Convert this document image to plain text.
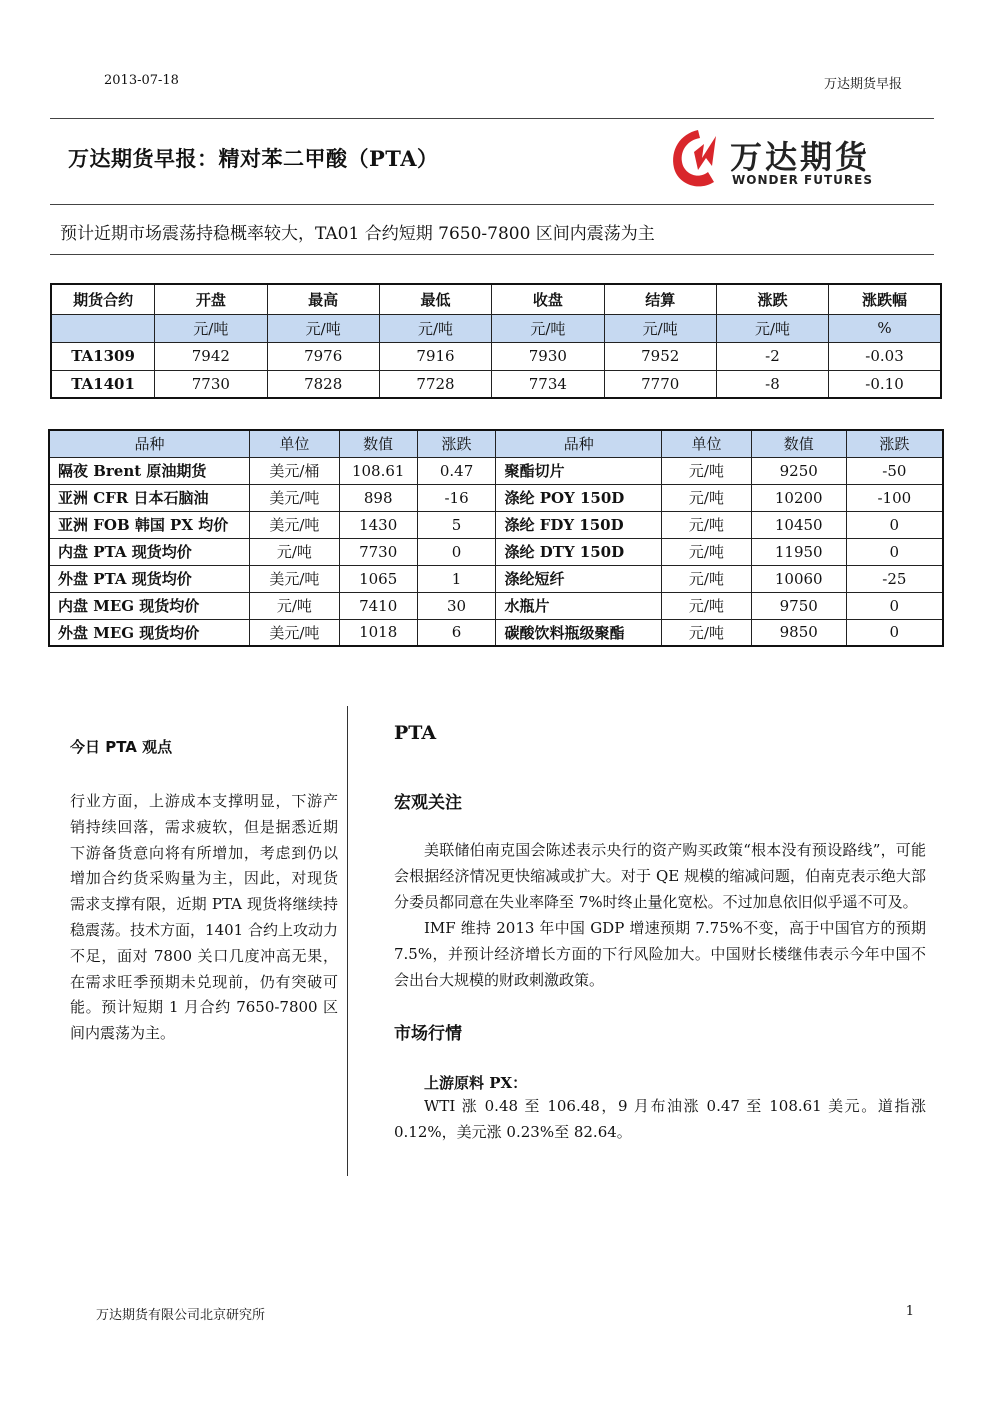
2013-07-18	万达期货早报
万达期货早报：精对苯二甲酸（PTA）	万达期货
WONDER FUTURES
预计近期市场震荡持稳概率较大，TA01 合约短期 7650-7800 区间内震荡为主
期货合约	开盘	最高	最低	收盘	结算	涨跌	涨跌幅
	元/吨	元/吨	元/吨	元/吨	元/吨	元/吨	%
TA1309	7942	7976	7916	7930	7952	-2	-0.03
TA1401	7730	7828	7728	7734	7770	-8	-0.10
品种	单位	数值	涨跌	品种	单位	数值	涨跌
隔夜 Brent 原油期货	美元/桶	108.61	0.47	聚酯切片	元/吨	9250	-50
亚洲 CFR 日本石脑油	美元/吨	898	-16	涤纶 POY 150D	元/吨	10200	-100
亚洲 FOB 韩国 PX 均价	美元/吨	1430	5	涤纶 FDY 150D	元/吨	10450	0
内盘 PTA 现货均价	元/吨	7730	0	涤纶 DTY 150D	元/吨	11950	0
外盘 PTA 现货均价	美元/吨	1065	1	涤纶短纤	元/吨	10060	-25
内盘 MEG 现货均价	元/吨	7410	30	水瓶片	元/吨	9750	0
外盘 MEG 现货均价	美元/吨	1018	6	碳酸饮料瓶级聚酯	元/吨	9850	0
今日 PTA 观点
行业方面，上游成本支撑明显，下游产销持续回落，需求疲软，但是据悉近期下游备货意向将有所增加，考虑到仍以增加合约货采购量为主，因此，对现货需求支撑有限，近期 PTA 现货将继续持稳震荡。技术方面，1401 合约上攻动力不足，面对 7800 关口几度冲高无果，在需求旺季预期未兑现前，仍有突破可能。预计短期 1 月合约 7650-7800 区间内震荡为主。
PTA
宏观关注
美联储伯南克国会陈述表示央行的资产购买政策“根本没有预设路线”，可能会根据经济情况更快缩减或扩大。对于 QE 规模的缩减问题，伯南克表示绝大部分委员都同意在失业率降至 7%时终止量化宽松。不过加息依旧似乎遥不可及。
IMF 维持 2013 年中国 GDP 增速预期 7.75%不变，高于中国官方的预期 7.5%，并预计经济增长方面的下行风险加大。中国财长楼继伟表示今年中国不会出台大规模的财政刺激政策。
市场行情
上游原料 PX：
WTI 涨 0.48 至 106.48，9 月布油涨 0.47 至 108.61 美元。道指涨 0.12%，美元涨 0.23%至 82.64。
万达期货有限公司北京研究所	1
